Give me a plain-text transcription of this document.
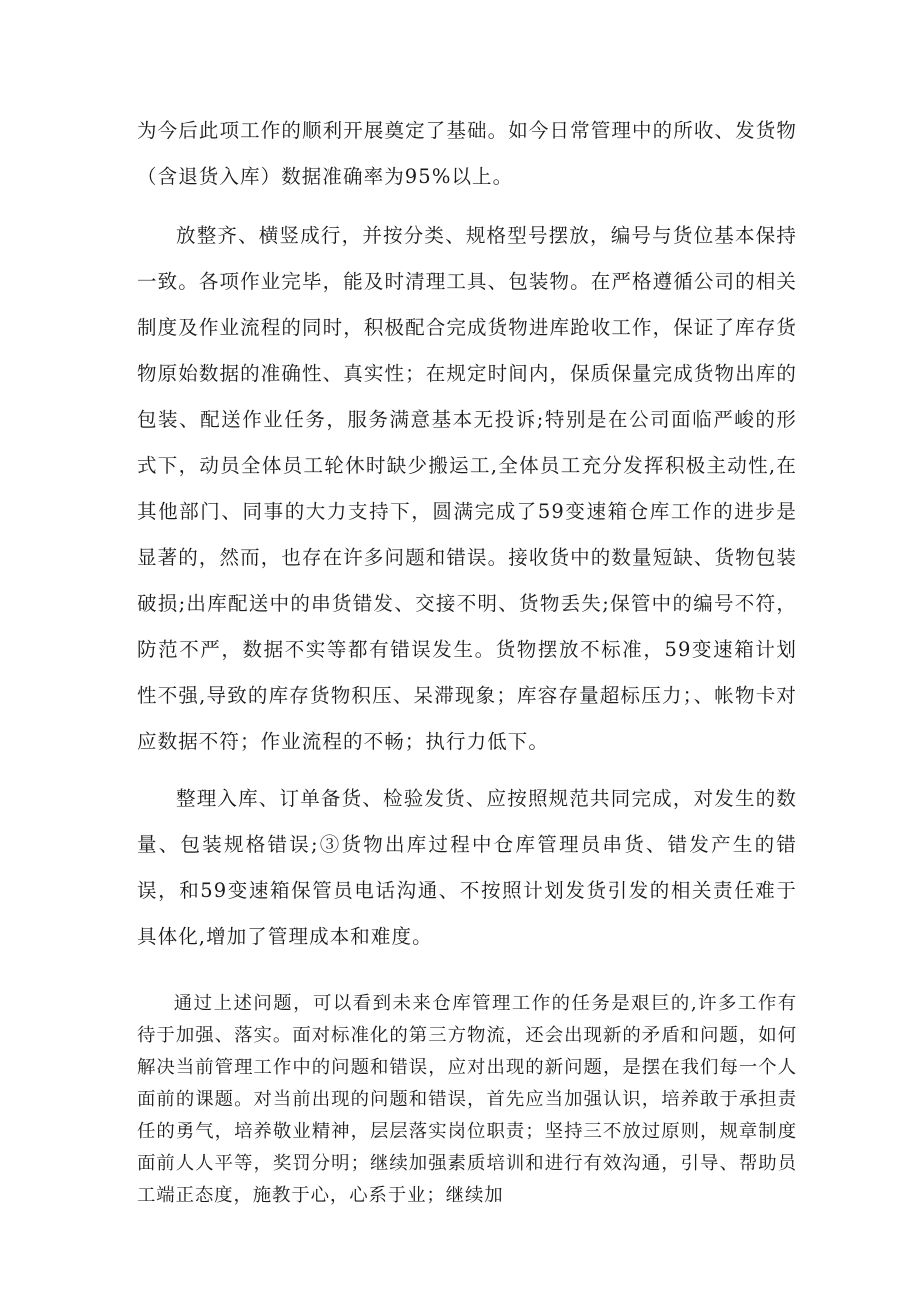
为今后此项工作的顺利开展奠定了基础。如今日常管理中的所收、发货物（含退货入库）数据准确率为95%以上。

放整齐、横竖成行，并按分类、规格型号摆放，编号与货位基本保持一致。各项作业完毕，能及时清理工具、包装物。在严格遵循公司的相关制度及作业流程的同时，积极配合完成货物进库跄收工作，保证了库存货物原始数据的准确性、真实性；在规定时间内，保质保量完成货物出库的包装、配送作业任务，服务满意基本无投诉;特别是在公司面临严峻的形式下，动员全体员工轮休时缺少搬运工,全体员工充分发挥积极主动性,在其他部门、同事的大力支持下，圆满完成了59变速箱仓库工作的进步是显著的，然而，也存在许多问题和错误。接收货中的数量短缺、货物包装破损;出库配送中的串货错发、交接不明、货物丢失;保管中的编号不符，防范不严，数据不实等都有错误发生。货物摆放不标准，59变速箱计划性不强,导致的库存货物积压、呆滞现象；库容存量超标压力；、帐物卡对应数据不符；作业流程的不畅；执行力低下。

整理入库、订单备货、检验发货、应按照规范共同完成，对发生的数量、包装规格错误;③货物出库过程中仓库管理员串货、错发产生的错误，和59变速箱保管员电话沟通、不按照计划发货引发的相关责任难于具体化,增加了管理成本和难度。

通过上述问题，可以看到未来仓库管理工作的任务是艰巨的,许多工作有待于加强、落实。面对标准化的第三方物流，还会出现新的矛盾和问题，如何解决当前管理工作中的问题和错误，应对出现的新问题，是摆在我们每一个人面前的课题。对当前出现的问题和错误，首先应当加强认识，培养敢于承担责任的勇气，培养敬业精神，层层落实岗位职责；坚持三不放过原则，规章制度面前人人平等，奖罚分明；继续加强素质培训和进行有效沟通，引导、帮助员工端正态度，施教于心，心系于业；继续加
